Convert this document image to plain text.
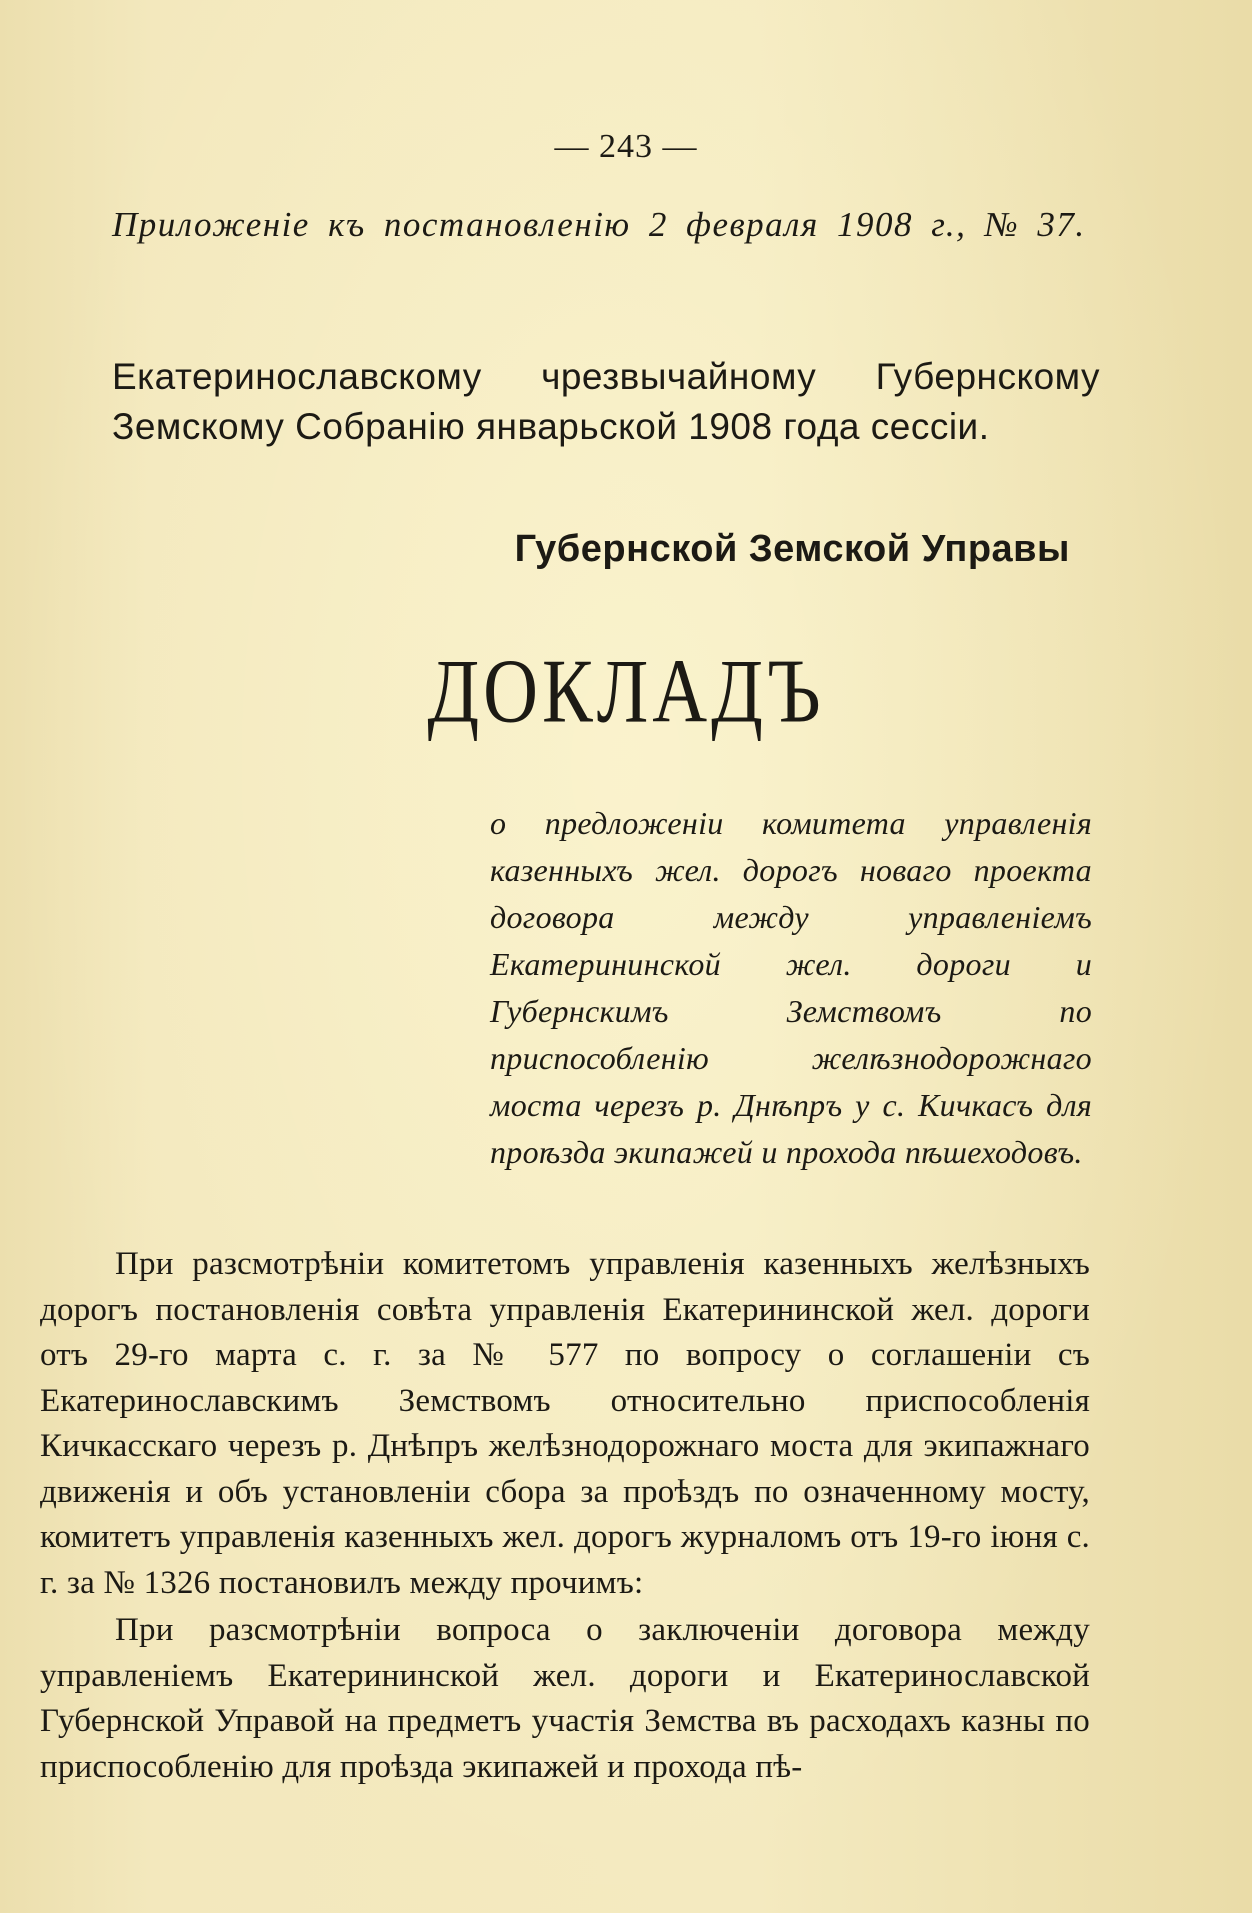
— 243 —
Приложеніе къ постановленію 2 февраля 1908 г., № 37.
Екатеринославскому чрезвычайному Губернскому Земскому Собранію январьской 1908 года сессіи.
Губернской Земской Управы
ДОКЛАДЪ
о предложеніи комитета управленія казенныхъ жел. дорогъ новаго проекта договора между управленіемъ Екатерининской жел. дороги и Губернскимъ Земствомъ по приспособленію желѣзнодорожнаго моста черезъ р. Днѣпръ у с. Кичкасъ для проѣзда экипажей и прохода пѣшеходовъ.

При разсмотрѣніи комитетомъ управленія казенныхъ желѣзныхъ дорогъ постановленія совѣта управленія Екатерининской жел. дороги отъ 29-го марта с. г. за № 577 по вопросу о соглашеніи съ Екатеринославскимъ Земствомъ относительно приспособленія Кичкасскаго черезъ р. Днѣпръ желѣзнодорожнаго моста для экипажнаго движенія и объ установленіи сбора за проѣздъ по означенному мосту, комитетъ управленія казенныхъ жел. дорогъ журналомъ отъ 19-го іюня с. г. за № 1326 постановилъ между прочимъ:

При разсмотрѣніи вопроса о заключеніи договора между управленіемъ Екатерининской жел. дороги и Екатеринославской Губернской Управой на предметъ участія Земства въ расходахъ казны по приспособленію для проѣзда экипажей и прохода пѣ-
